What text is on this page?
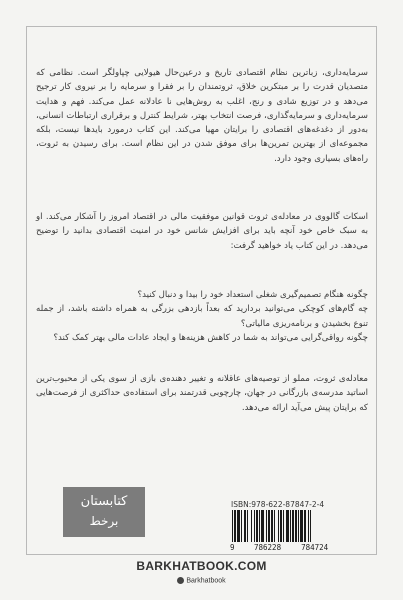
سرمایه‌داری، زباترین نظام اقتصادی تاریخ و درعین‌حال هیولایی چپاولگر است. نظامی که متصدیان قدرت را بر مبتکرین خلاق، ثروتمندان را بر فقرا و سرمایه را بر نیروی کار ترجیح می‌دهد و در توزیع شادی و رنج، اغلب به روش‌هایی نا عادلانه عمل می‌کند. فهم و هدایت سرمایه‌داری و سرمایه‌گذاری، فرصت انتخاب بهتر، شرایط کنترل و برقراری ارتباطات انسانی، به‌دور از دغدغه‌های اقتصادی را برایتان مهیا می‌کند. این کتاب درمورد بایدها نیست، بلکه مجموعه‌ای از بهترین تمرین‌ها برای موفق شدن در این نظام است. برای رسیدن به ثروت، راه‌های بسیاری وجود دارد.

اسکات گالووی در معادله‌ی ثروت قوانین موفقیت مالی در اقتصاد امروز را آشکار می‌کند. او به سبک خاص خود آنچه باید برای افزایش شانس خود در امنیت اقتصادی بدانید را توضیح می‌دهد. در این کتاب یاد خواهید گرفت:

چگونه هنگام تصمیم‌گیری شغلی استعداد خود را بیدا و دنبال کنید؟

چه گام‌های کوچکی می‌توانید بردارید که بعداً بازدهی بزرگی به همراه داشته باشد، از جمله تنوع بخشیدن و برنامه‌ریزی مالیاتی؟

چگونه رواقی‌گرایی می‌تواند به شما در کاهش هزینه‌ها و ایجاد عادات مالی بهتر کمک کند؟

معادله‌ی ثروت، مملو از توصیه‌های عاقلانه و تغییر دهنده‌ی بازی از سوی یکی از محبوب‌ترین اساتید مدرسه‌ی بازرگانی در جهان، چارچوبی قدرتمند برای استفاده‌ی حداکثری از فرصت‌هایی که برایتان پیش می‌آید ارائه می‌دهد.

کتابستان
برخط
ISBN:978-622-87847-2-4
9	786228	784724
BARKHATBOOK.COM
Barkhatbook
